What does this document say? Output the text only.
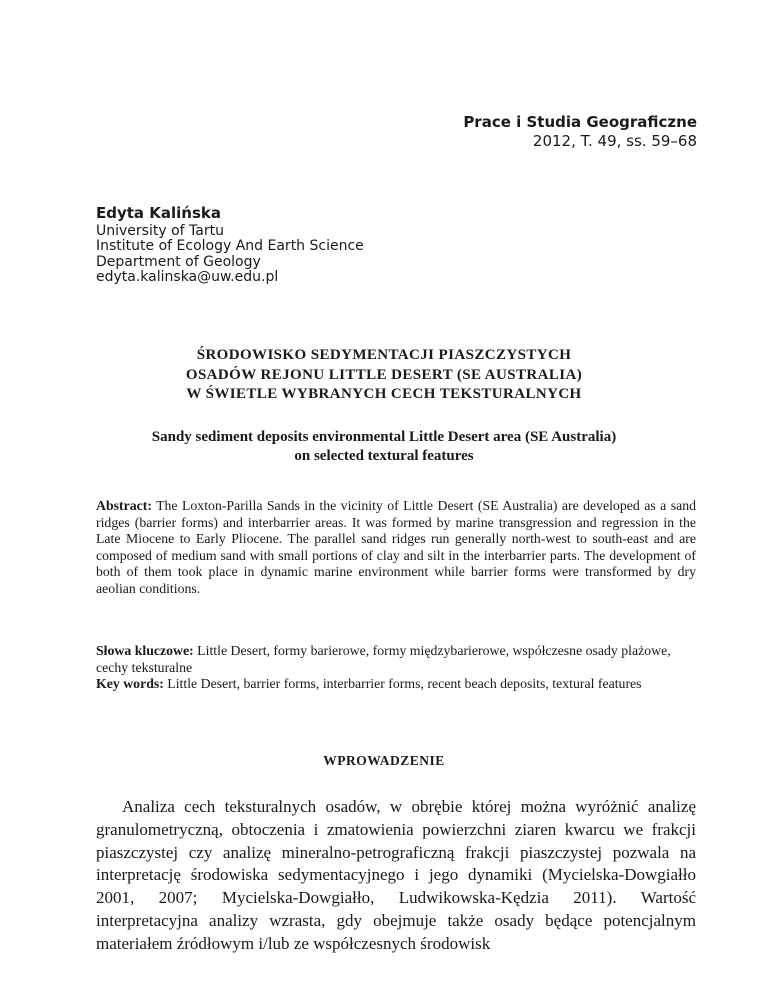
Prace i Studia Geograficzne
2012, T. 49, ss. 59–68
Edyta Kalińska
University of Tartu
Institute of Ecology And Earth Science
Department of Geology
edyta.kalinska@uw.edu.pl
ŚRODOWISKO SEDYMENTACJI PIASZCZYSTYCH
OSADÓW REJONU LITTLE DESERT (SE AUSTRALIA)
W ŚWIETLE WYBRANYCH CECH TEKSTURALNYCH
Sandy sediment deposits environmental Little Desert area (SE Australia)
on selected textural features
Abstract: The Loxton-Parilla Sands in the vicinity of Little Desert (SE Australia) are developed as a sand ridges (barrier forms) and interbarrier areas. It was formed by marine transgression and regression in the Late Miocene to Early Pliocene. The parallel sand ridges run generally north-west to south-east and are composed of medium sand with small portions of clay and silt in the interbarrier parts. The development of both of them took place in dynamic marine environment while barrier forms were transformed by dry aeolian conditions.
Słowa kluczowe: Little Desert, formy barierowe, formy międzybarierowe, współczesne osady plażowe, cechy teksturalne
Key words: Little Desert, barrier forms, interbarrier forms, recent beach deposits, textural features
WPROWADZENIE

Analiza cech teksturalnych osadów, w obrębie której można wyróżnić analizę granulometryczną, obtoczenia i zmatowienia powierzchni ziaren kwarcu we frakcji piaszczystej czy analizę mineralno-petrograficzną frakcji piaszczystej pozwala na interpretację środowiska sedymentacyjnego i jego dynamiki (Mycielska-Dowgiałło 2001, 2007; Mycielska-Dowgiałło, Ludwikowska-Kędzia 2011). Wartość interpretacyjna analizy wzrasta, gdy obejmuje także osady będące potencjalnym materiałem źródłowym i/lub ze współczesnych środowisk
